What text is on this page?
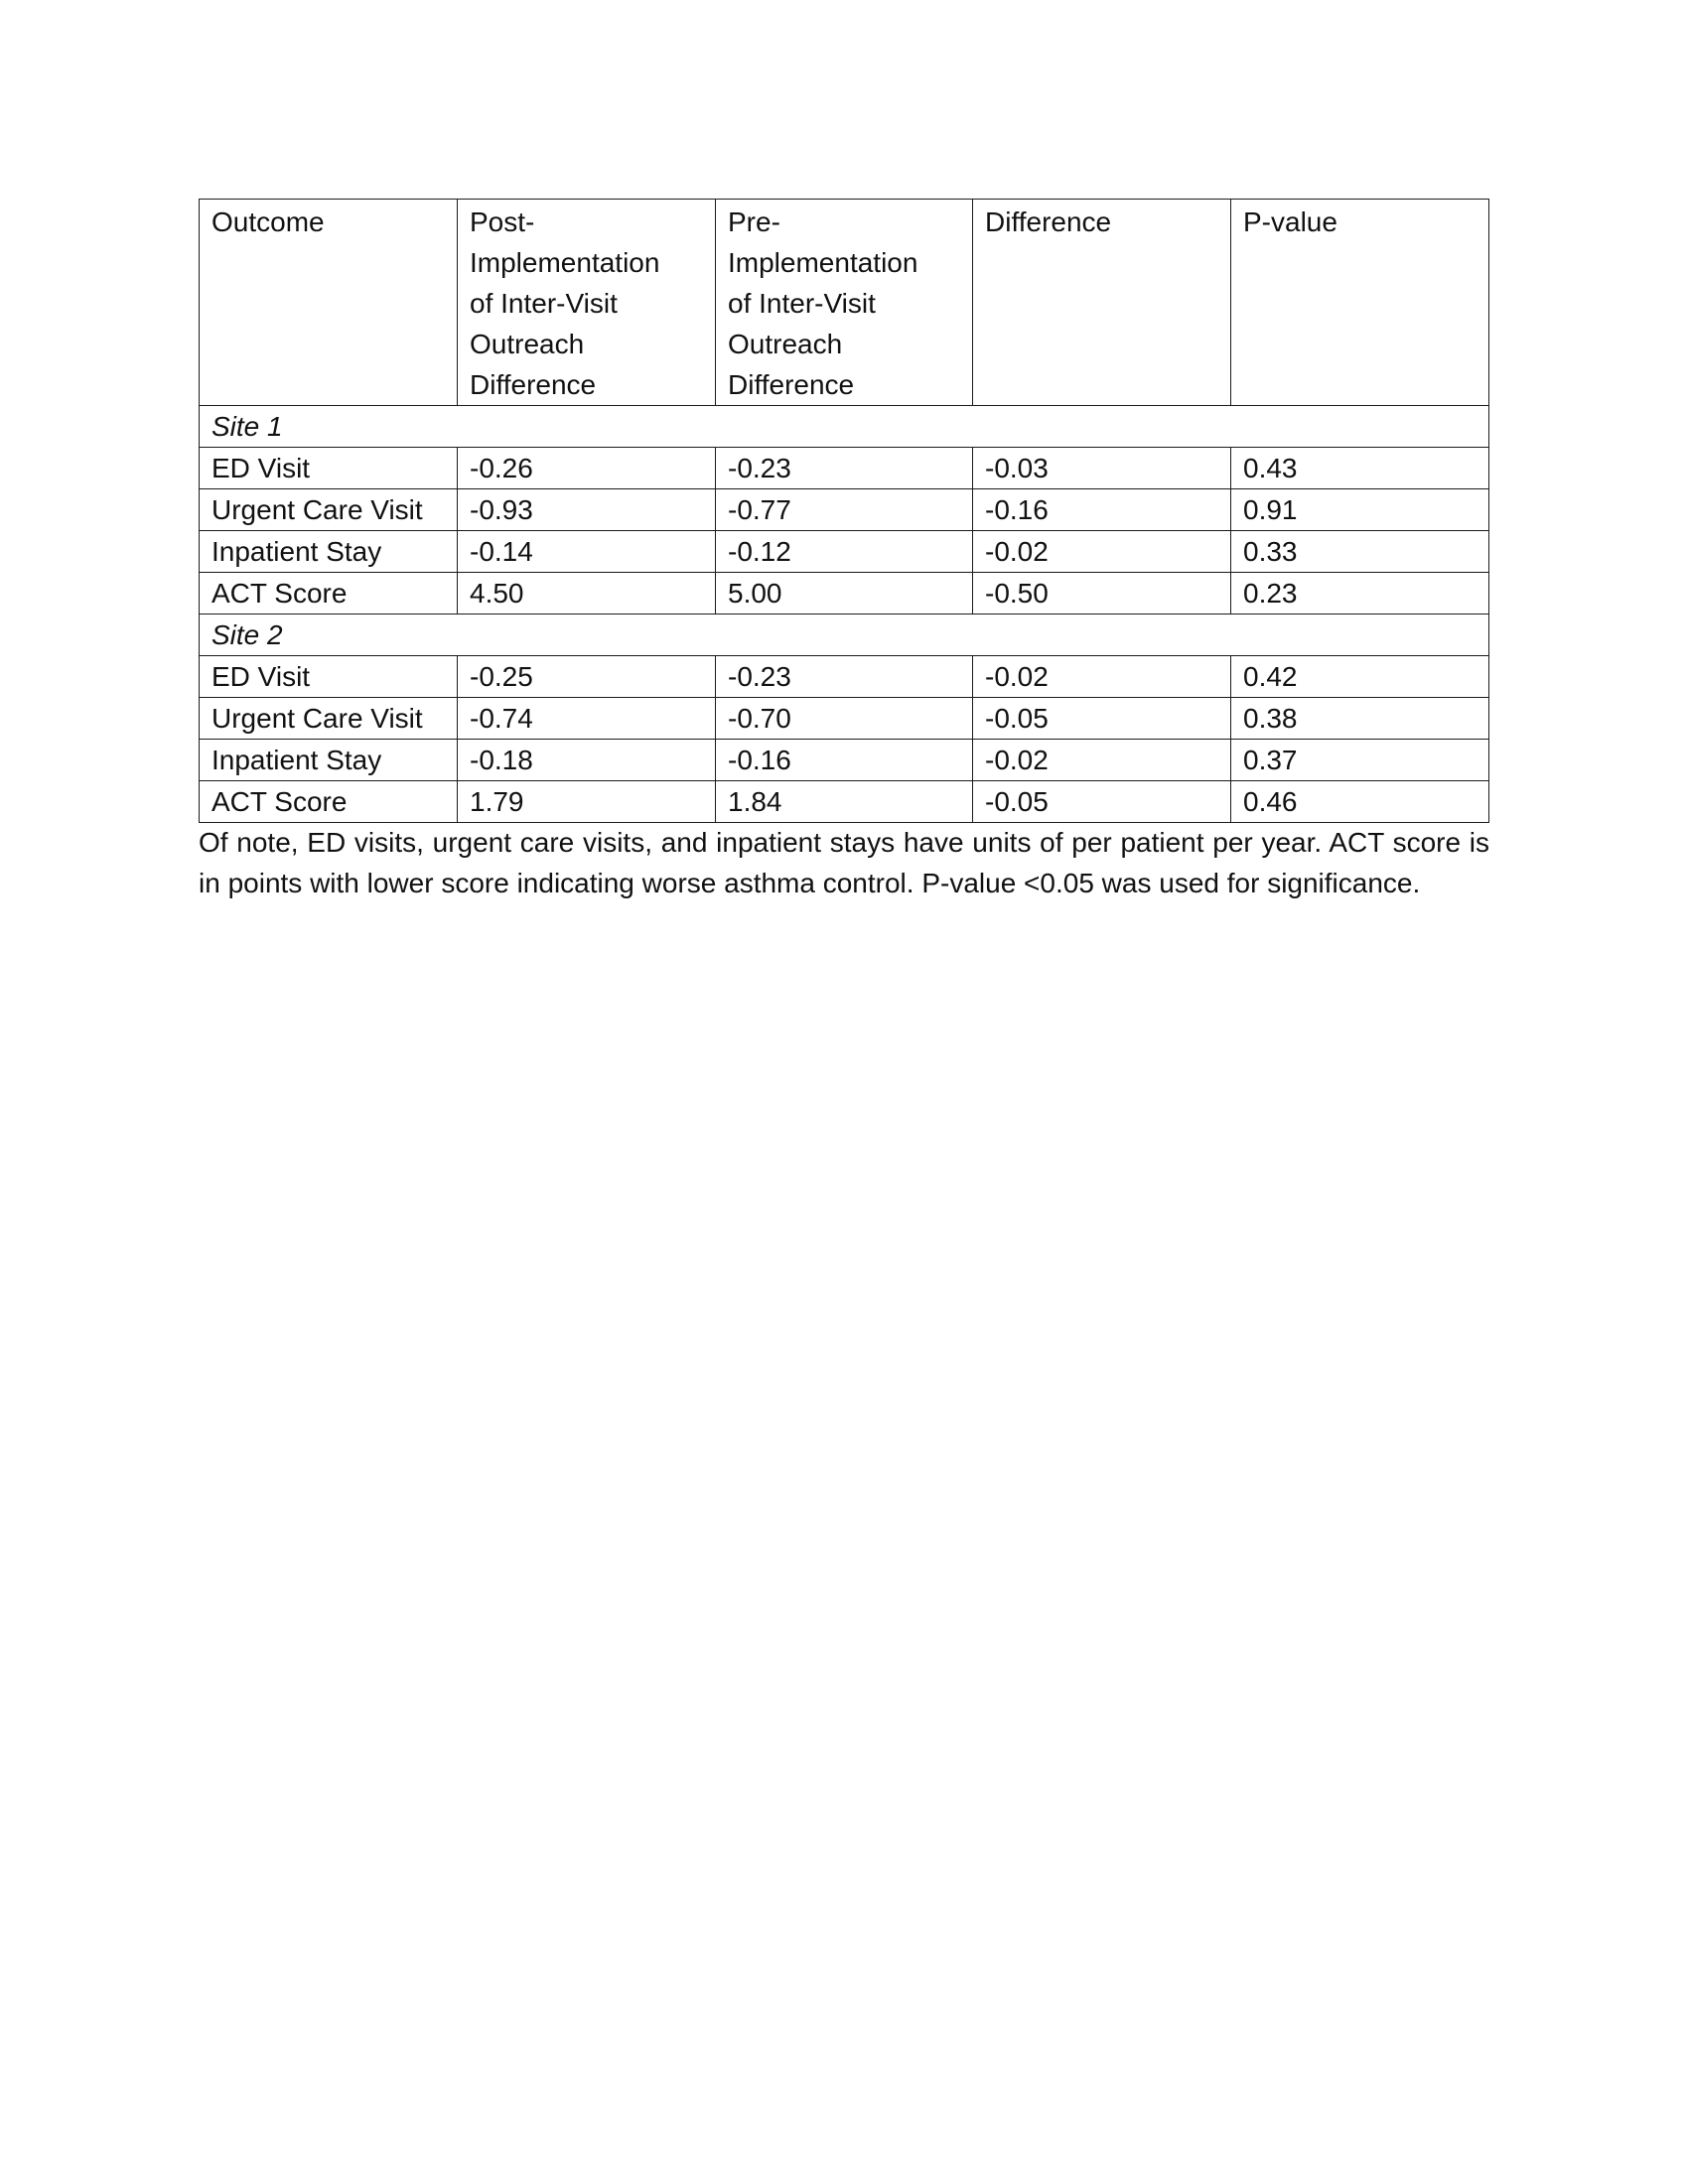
Outcome	Post-
Implementation
of Inter-Visit
Outreach
Difference	Pre-
Implementation
of Inter-Visit
Outreach
Difference	Difference	P-value

Site 1				
ED Visit	-0.26	-0.23	-0.03	0.43
Urgent Care Visit	-0.93	-0.77	-0.16	0.91
Inpatient Stay	-0.14	-0.12	-0.02	0.33
ACT Score	4.50	5.00	-0.50	0.23
Site 2				
ED Visit	-0.25	-0.23	-0.02	0.42
Urgent Care Visit	-0.74	-0.70	-0.05	0.38
Inpatient Stay	-0.18	-0.16	-0.02	0.37
ACT Score	1.79	1.84	-0.05	0.46

Of note, ED visits, urgent care visits, and inpatient stays have units of per patient per year. ACT score is in points with lower score indicating worse asthma control. P-value <0.05 was used for significance.
